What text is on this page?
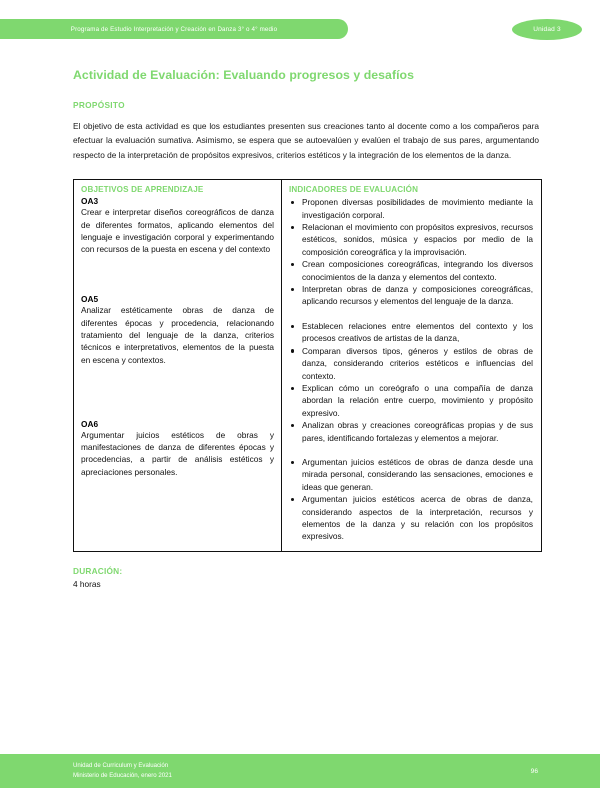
Programa de Estudio Interpretación y Creación en Danza 3° o 4° medio	Unidad 3
Actividad de Evaluación: Evaluando progresos y desafíos
PROPÓSITO
El objetivo de esta actividad es que los estudiantes presenten sus creaciones tanto al docente como a los compañeros para efectuar la evaluación sumativa. Asimismo, se espera que se autoevalúen y evalúen el trabajo de sus pares, argumentando respecto de la interpretación de propósitos expresivos, criterios estéticos y la integración de los elementos de la danza.
OBJETIVOS DE APRENDIZAJE
OA3
Crear e interpretar diseños coreográficos de danza de diferentes formatos, aplicando elementos del lenguaje e investigación corporal y experimentando con recursos de la puesta en escena y del contexto
OA5
Analizar estéticamente obras de danza de diferentes épocas y procedencia, relacionando tratamiento del lenguaje de la danza, criterios técnicos e interpretativos, elementos de la puesta en escena y contextos.
OA6
Argumentar juicios estéticos de obras y manifestaciones de danza de diferentes épocas y procedencias, a partir de análisis estéticos y apreciaciones personales.

INDICADORES DE EVALUACIÓN
Proponen diversas posibilidades de movimiento mediante la investigación corporal.
Relacionan el movimiento con propósitos expresivos, recursos estéticos, sonidos, música y espacios por medio de la composición coreográfica y la improvisación.
Crean composiciones coreográficas, integrando los diversos conocimientos de la danza y elementos del contexto.
Interpretan obras de danza y composiciones coreográficas, aplicando recursos y elementos del lenguaje de la danza.
Establecen relaciones entre elementos del contexto y los procesos creativos de artistas de la danza,
Comparan diversos tipos, géneros y estilos de obras de danza, considerando criterios estéticos e influencias del contexto.
Explican cómo un coreógrafo o una compañía de danza abordan la relación entre cuerpo, movimiento y propósito expresivo.
Analizan obras y creaciones coreográficas propias y de sus pares, identificando fortalezas y elementos a mejorar.
Argumentan juicios estéticos de obras de danza desde una mirada personal, considerando las sensaciones, emociones e ideas que generan.
Argumentan juicios estéticos acerca de obras de danza, considerando aspectos de la interpretación, recursos y elementos de la danza y su relación con los propósitos expresivos.
DURACIÓN:
4 horas
Unidad de Curriculum y Evaluación
Ministerio de Educación, enero 2021
96
